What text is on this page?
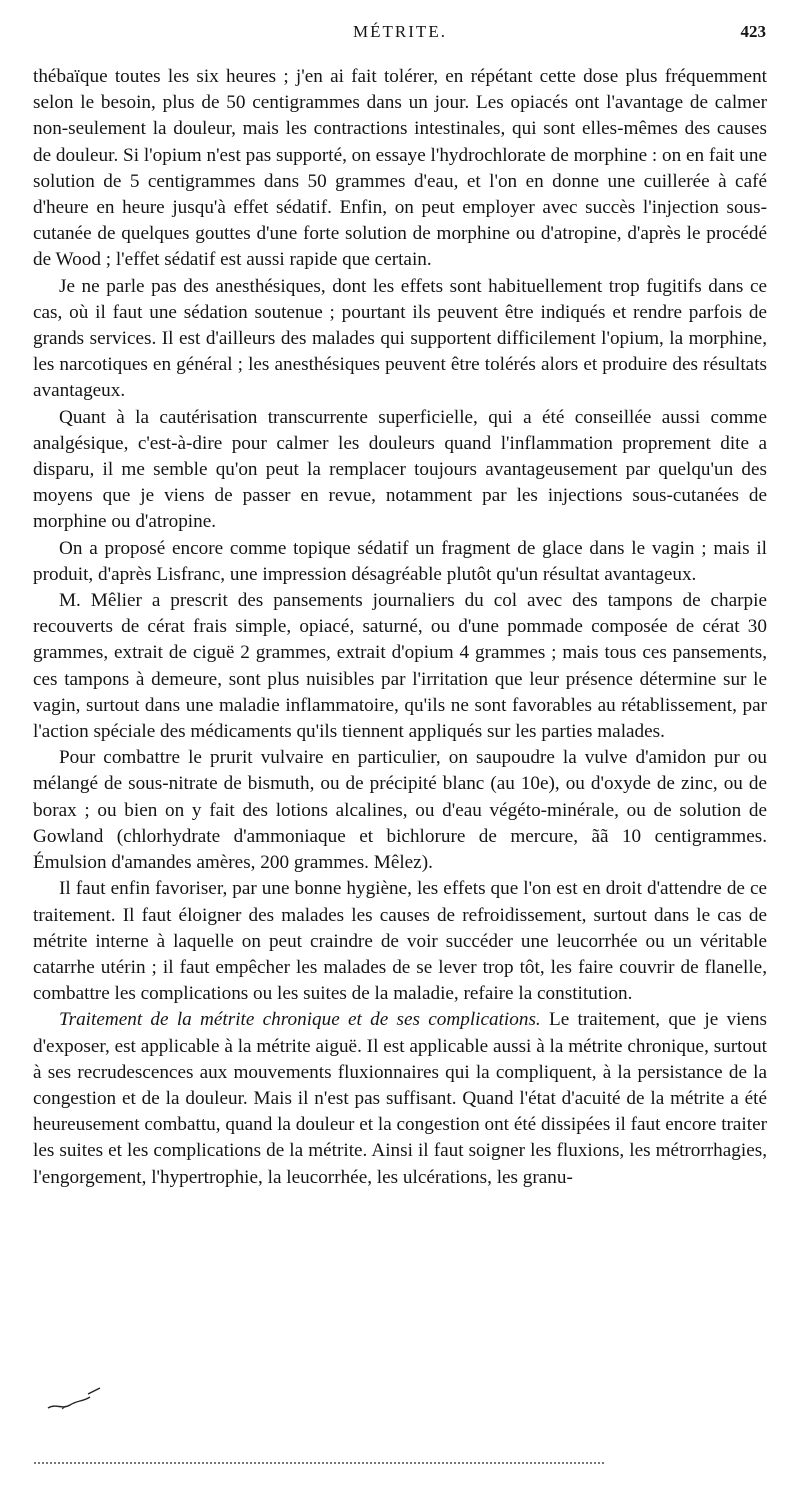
MÉTRITE.	423

thébaïque toutes les six heures ; j'en ai fait tolérer, en répétant cette dose plus fréquemment selon le besoin, plus de 50 centigrammes dans un jour. Les opiacés ont l'avantage de calmer non-seulement la douleur, mais les contractions intestinales, qui sont elles-mêmes des causes de douleur. Si l'opium n'est pas supporté, on essaye l'hydrochlorate de morphine : on en fait une solution de 5 centigrammes dans 50 grammes d'eau, et l'on en donne une cuillerée à café d'heure en heure jusqu'à effet sédatif. Enfin, on peut employer avec succès l'injection sous-cutanée de quelques gouttes d'une forte solution de morphine ou d'atropine, d'après le procédé de Wood ; l'effet sédatif est aussi rapide que certain.

Je ne parle pas des anesthésiques, dont les effets sont habituellement trop fugitifs dans ce cas, où il faut une sédation soutenue ; pourtant ils peuvent être indiqués et rendre parfois de grands services. Il est d'ailleurs des malades qui supportent difficilement l'opium, la morphine, les narcotiques en général ; les anesthésiques peuvent être tolérés alors et produire des résultats avantageux.

Quant à la cautérisation transcurrente superficielle, qui a été conseillée aussi comme analgésique, c'est-à-dire pour calmer les douleurs quand l'inflammation proprement dite a disparu, il me semble qu'on peut la remplacer toujours avantageusement par quelqu'un des moyens que je viens de passer en revue, notamment par les injections sous-cutanées de morphine ou d'atropine.

On a proposé encore comme topique sédatif un fragment de glace dans le vagin ; mais il produit, d'après Lisfranc, une impression désagréable plutôt qu'un résultat avantageux.

M. Mêlier a prescrit des pansements journaliers du col avec des tampons de charpie recouverts de cérat frais simple, opiacé, saturné, ou d'une pommade composée de cérat 30 grammes, extrait de ciguë 2 grammes, extrait d'opium 4 grammes ; mais tous ces pansements, ces tampons à demeure, sont plus nuisibles par l'irritation que leur présence détermine sur le vagin, surtout dans une maladie inflammatoire, qu'ils ne sont favorables au rétablissement, par l'action spéciale des médicaments qu'ils tiennent appliqués sur les parties malades.

Pour combattre le prurit vulvaire en particulier, on saupoudre la vulve d'amidon pur ou mélangé de sous-nitrate de bismuth, ou de précipité blanc (au 10e), ou d'oxyde de zinc, ou de borax ; ou bien on y fait des lotions alcalines, ou d'eau végéto-minérale, ou de solution de Gowland (chlorhydrate d'ammoniaque et bichlorure de mercure, ãã 10 centigrammes. Émulsion d'amandes amères, 200 grammes. Mêlez).

Il faut enfin favoriser, par une bonne hygiène, les effets que l'on est en droit d'attendre de ce traitement. Il faut éloigner des malades les causes de refroidissement, surtout dans le cas de métrite interne à laquelle on peut craindre de voir succéder une leucorrhée ou un véritable catarrhe utérin ; il faut empêcher les malades de se lever trop tôt, les faire couvrir de flanelle, combattre les complications ou les suites de la maladie, refaire la constitution.

Traitement de la métrite chronique et de ses complications. Le traitement, que je viens d'exposer, est applicable à la métrite aiguë. Il est applicable aussi à la métrite chronique, surtout à ses recrudescences aux mouvements fluxionnaires qui la compliquent, à la persistance de la congestion et de la douleur. Mais il n'est pas suffisant. Quand l'état d'acuité de la métrite a été heureusement combattu, quand la douleur et la congestion ont été dissipées il faut encore traiter les suites et les complications de la métrite. Ainsi il faut soigner les fluxions, les métrorrhagies, l'engorgement, l'hypertrophie, la leucorrhée, les ulcérations, les granu-
